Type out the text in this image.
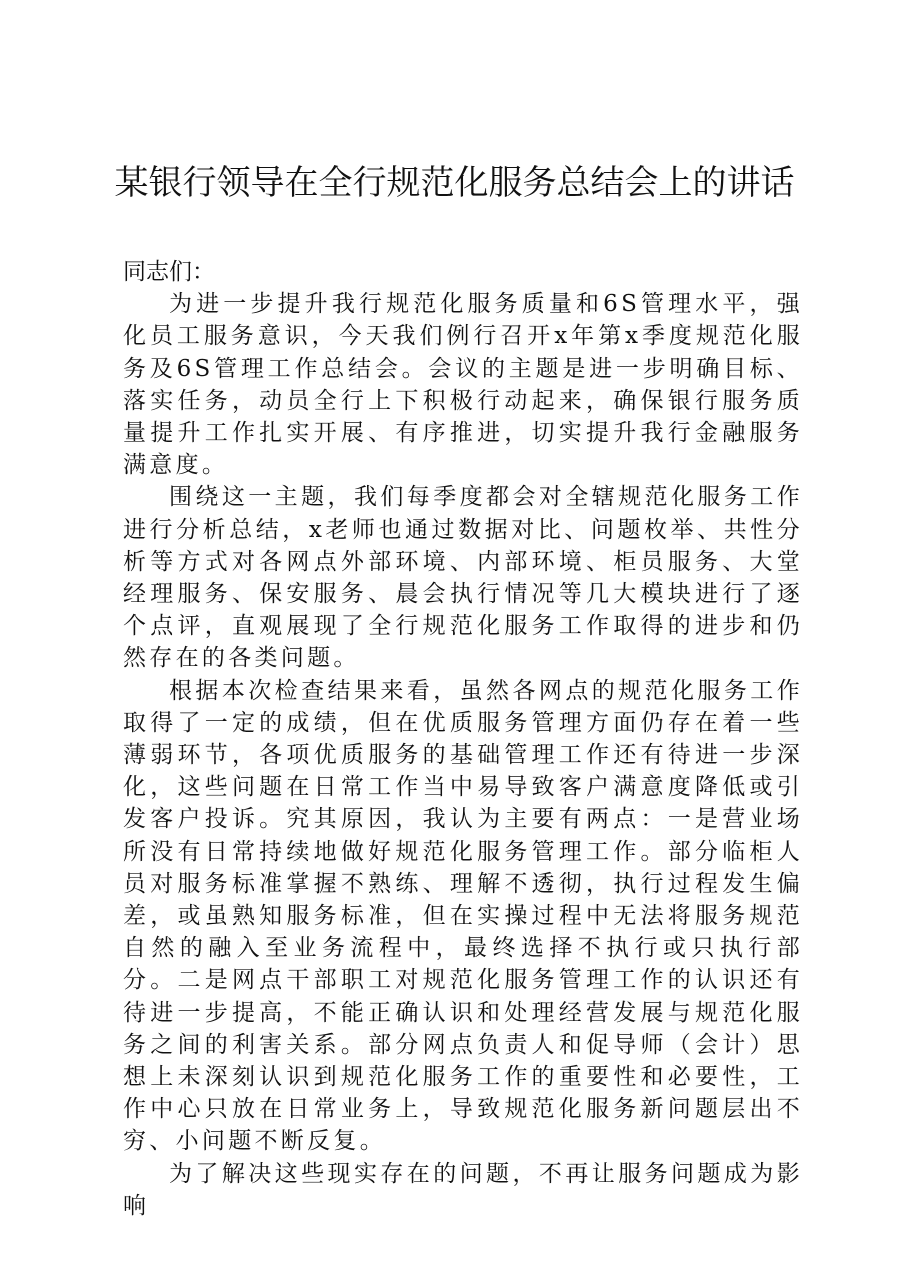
某银行领导在全行规范化服务总结会上的讲话

同志们：

为进一步提升我行规范化服务质量和6S管理水平，强化员工服务意识，今天我们例行召开x年第x季度规范化服务及6S管理工作总结会。会议的主题是进一步明确目标、落实任务，动员全行上下积极行动起来，确保银行服务质量提升工作扎实开展、有序推进，切实提升我行金融服务满意度。

围绕这一主题，我们每季度都会对全辖规范化服务工作进行分析总结，x老师也通过数据对比、问题枚举、共性分析等方式对各网点外部环境、内部环境、柜员服务、大堂经理服务、保安服务、晨会执行情况等几大模块进行了逐个点评，直观展现了全行规范化服务工作取得的进步和仍然存在的各类问题。

根据本次检查结果来看，虽然各网点的规范化服务工作取得了一定的成绩，但在优质服务管理方面仍存在着一些薄弱环节，各项优质服务的基础管理工作还有待进一步深化，这些问题在日常工作当中易导致客户满意度降低或引发客户投诉。究其原因，我认为主要有两点：一是营业场所没有日常持续地做好规范化服务管理工作。部分临柜人员对服务标准掌握不熟练、理解不透彻，执行过程发生偏差，或虽熟知服务标准，但在实操过程中无法将服务规范自然的融入至业务流程中，最终选择不执行或只执行部分。二是网点干部职工对规范化服务管理工作的认识还有待进一步提高，不能正确认识和处理经营发展与规范化服务之间的利害关系。部分网点负责人和促导师（会计）思想上未深刻认识到规范化服务工作的重要性和必要性，工作中心只放在日常业务上，导致规范化服务新问题层出不穷、小问题不断反复。

为了解决这些现实存在的问题，不再让服务问题成为影响
